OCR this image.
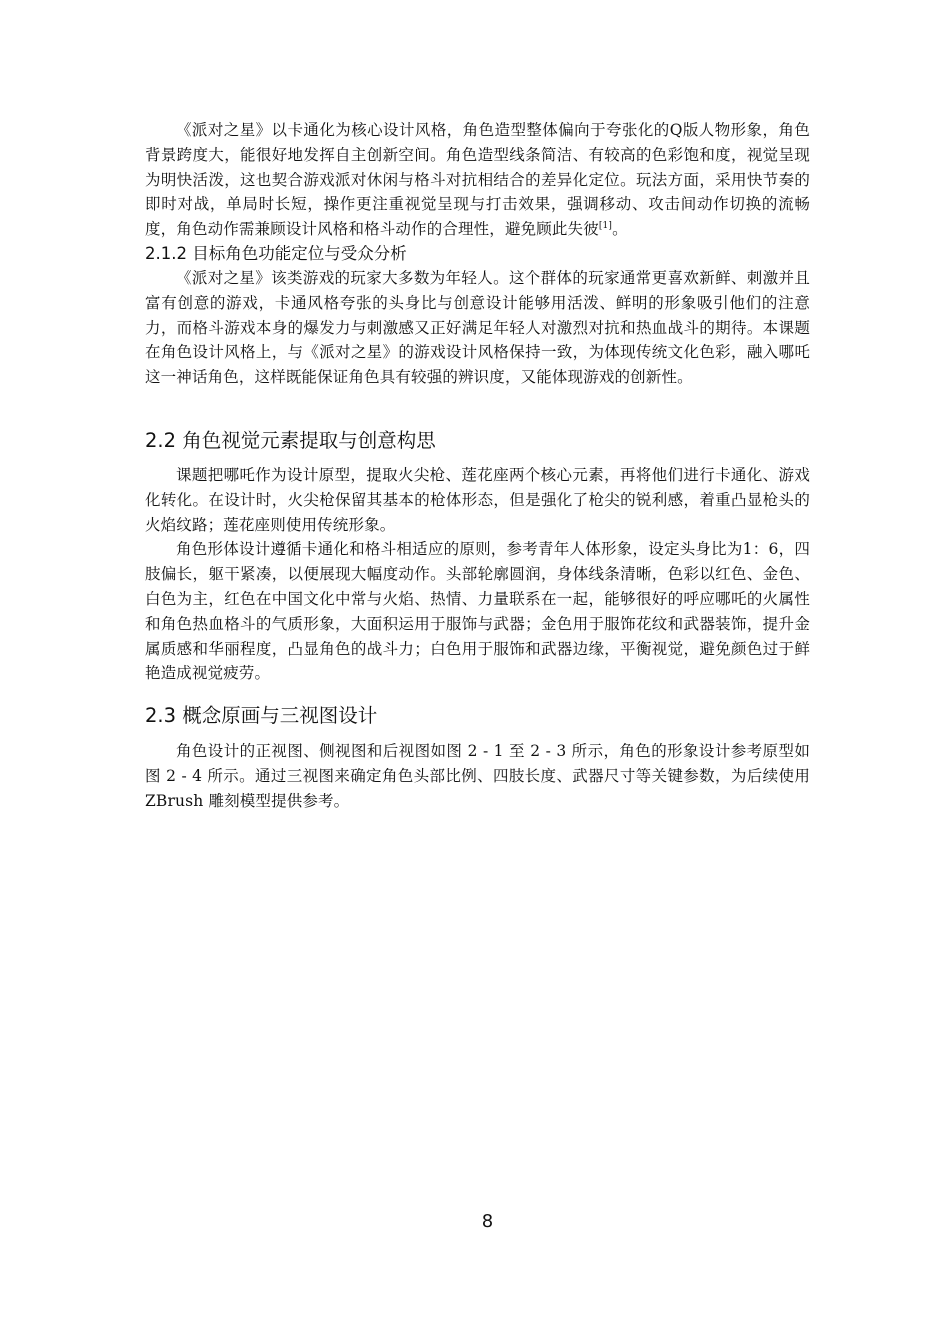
《派对之星》以卡通化为核心设计风格，角色造型整体偏向于夸张化的Q版人物形象，角色背景跨度大，能很好地发挥自主创新空间。角色造型线条简洁、有较高的色彩饱和度，视觉呈现为明快活泼，这也契合游戏派对休闲与格斗对抗相结合的差异化定位。玩法方面，采用快节奏的即时对战，单局时长短，操作更注重视觉呈现与打击效果，强调移动、攻击间动作切换的流畅度，角色动作需兼顾设计风格和格斗动作的合理性，避免顾此失彼[1]。

2.1.2 目标角色功能定位与受众分析

《派对之星》该类游戏的玩家大多数为年轻人。这个群体的玩家通常更喜欢新鲜、刺激并且富有创意的游戏，卡通风格夸张的头身比与创意设计能够用活泼、鲜明的形象吸引他们的注意力，而格斗游戏本身的爆发力与刺激感又正好满足年轻人对激烈对抗和热血战斗的期待。本课题在角色设计风格上，与《派对之星》的游戏设计风格保持一致，为体现传统文化色彩，融入哪吒这一神话角色，这样既能保证角色具有较强的辨识度，又能体现游戏的创新性。

2.2 角色视觉元素提取与创意构思

课题把哪吒作为设计原型，提取火尖枪、莲花座两个核心元素，再将他们进行卡通化、游戏化转化。在设计时，火尖枪保留其基本的枪体形态，但是强化了枪尖的锐利感，着重凸显枪头的火焰纹路；莲花座则使用传统形象。

角色形体设计遵循卡通化和格斗相适应的原则，参考青年人体形象，设定头身比为1：6，四肢偏长，躯干紧凑，以便展现大幅度动作。头部轮廓圆润，身体线条清晰，色彩以红色、金色、白色为主，红色在中国文化中常与火焰、热情、力量联系在一起，能够很好的呼应哪吒的火属性和角色热血格斗的气质形象，大面积运用于服饰与武器；金色用于服饰花纹和武器装饰，提升金属质感和华丽程度，凸显角色的战斗力；白色用于服饰和武器边缘，平衡视觉，避免颜色过于鲜艳造成视觉疲劳。

2.3 概念原画与三视图设计

角色设计的正视图、侧视图和后视图如图 2 - 1 至 2 - 3 所示，角色的形象设计参考原型如图 2 - 4 所示。通过三视图来确定角色头部比例、四肢长度、武器尺寸等关键参数，为后续使用 ZBrush 雕刻模型提供参考。

8
